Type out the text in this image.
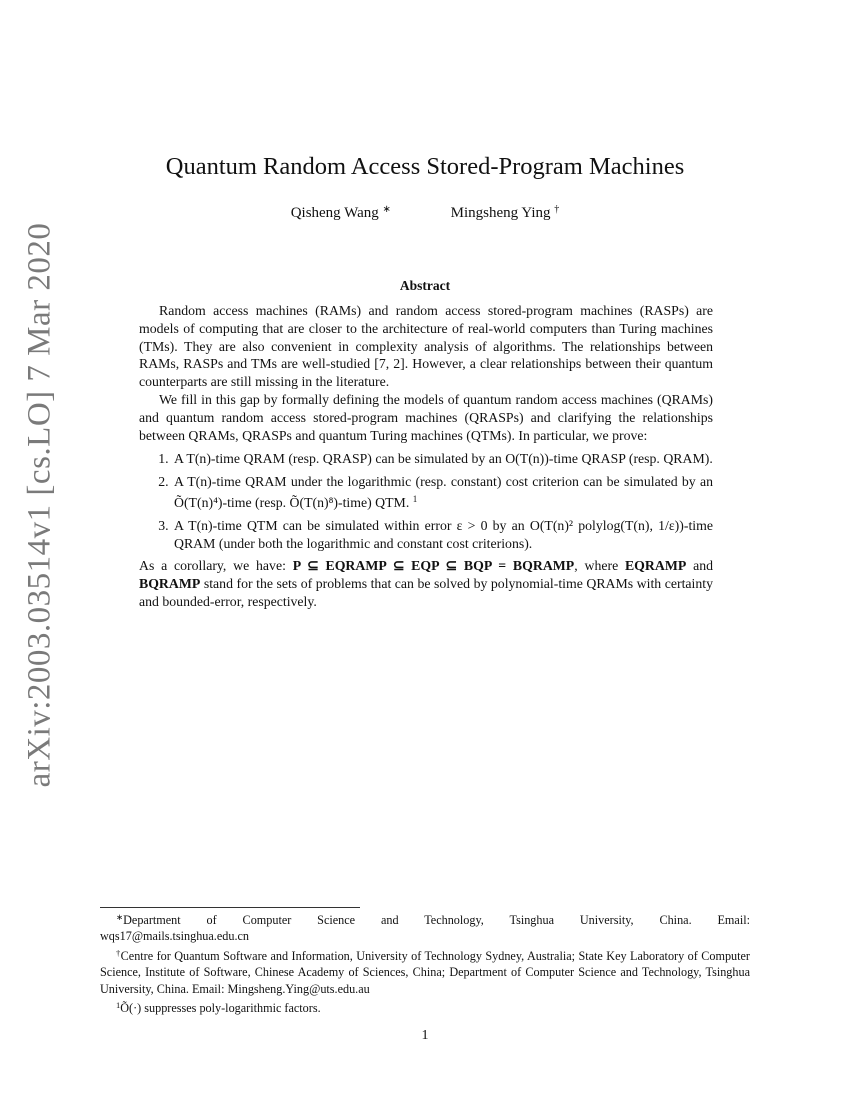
arXiv:2003.03514v1 [cs.LO] 7 Mar 2020
Quantum Random Access Stored-Program Machines
Qisheng Wang ∗	Mingsheng Ying †
Abstract

Random access machines (RAMs) and random access stored-program machines (RASPs) are models of computing that are closer to the architecture of real-world computers than Turing machines (TMs). They are also convenient in complexity analysis of algorithms. The relationships between RAMs, RASPs and TMs are well-studied [7, 2]. However, a clear relationships between their quantum counterparts are still missing in the literature.

We fill in this gap by formally defining the models of quantum random access machines (QRAMs) and quantum random access stored-program machines (QRASPs) and clarifying the relationships between QRAMs, QRASPs and quantum Turing machines (QTMs). In particular, we prove:

1. A T(n)-time QRAM (resp. QRASP) can be simulated by an O(T(n))-time QRASP (resp. QRAM).
2. A T(n)-time QRAM under the logarithmic (resp. constant) cost criterion can be simulated by an Õ(T(n)⁴)-time (resp. Õ(T(n)⁸)-time) QTM. $^1$
3. A T(n)-time QTM can be simulated within error ε > 0 by an O(T(n)² polylog(T(n), 1/ε))-time QRAM (under both the logarithmic and constant cost criterions).

As a corollary, we have: P ⊆ EQRAMP ⊆ EQP ⊆ BQP = BQRAMP, where EQRAMP and BQRAMP stand for the sets of problems that can be solved by polynomial-time QRAMs with certainty and bounded-error, respectively.

∗Department of Computer Science and Technology, Tsinghua University, China. Email:

wqs17@mails.tsinghua.edu.cn

†Centre for Quantum Software and Information, University of Technology Sydney, Australia; State Key Laboratory of Computer Science, Institute of Software, Chinese Academy of Sciences, China; Department of Computer Science and Technology, Tsinghua University, China. Email: Mingsheng.Ying@uts.edu.au

$^1$Õ(·) suppresses poly-logarithmic factors.

1
